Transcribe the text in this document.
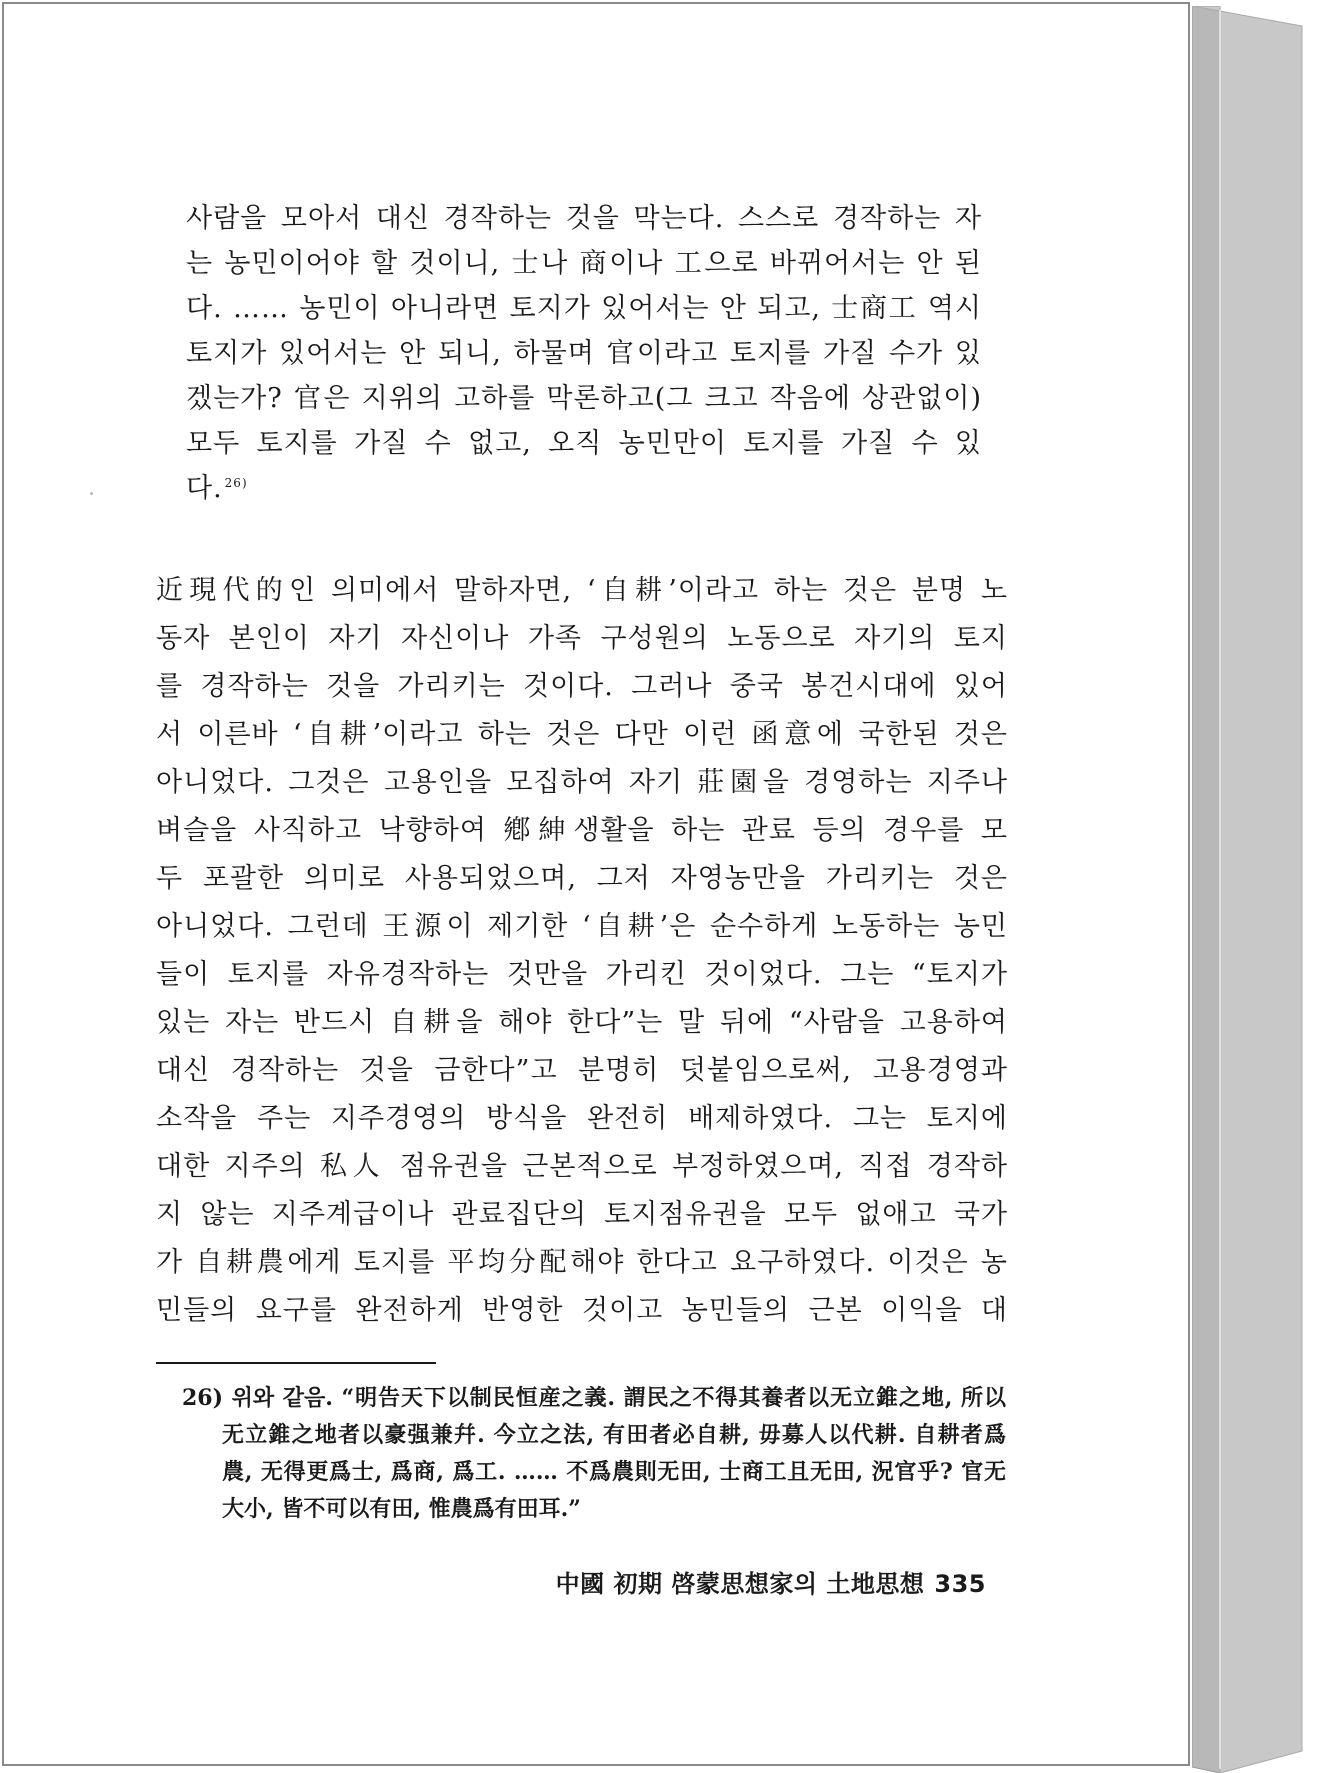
사람을 모아서 대신 경작하는 것을 막는다. 스스로 경작하는 자
는 농민이어야 할 것이니, 士나 商이나 工으로 바뀌어서는 안 된
다. …… 농민이 아니라면 토지가 있어서는 안 되고, 士商工 역시
토지가 있어서는 안 되니, 하물며 官이라고 토지를 가질 수가 있
겠는가? 官은 지위의 고하를 막론하고(그 크고 작음에 상관없이)
모두 토지를 가질 수 없고, 오직 농민만이 토지를 가질 수 있
다. $^{26)}$
近現代的인 의미에서 말하자면, ‘自耕’이라고 하는 것은 분명 노
동자 본인이 자기 자신이나 가족 구성원의 노동으로 자기의 토지
를 경작하는 것을 가리키는 것이다. 그러나 중국 봉건시대에 있어
서 이른바 ‘自耕’이라고 하는 것은 다만 이런 函意에 국한된 것은
아니었다. 그것은 고용인을 모집하여 자기 莊園을 경영하는 지주나
벼슬을 사직하고 낙향하여 鄕紳생활을 하는 관료 등의 경우를 모
두 포괄한 의미로 사용되었으며, 그저 자영농만을 가리키는 것은
아니었다. 그런데 王源이 제기한 ‘自耕’은 순수하게 노동하는 농민
들이 토지를 자유경작하는 것만을 가리킨 것이었다. 그는 “토지가
있는 자는 반드시 自耕을 해야 한다”는 말 뒤에 “사람을 고용하여
대신 경작하는 것을 금한다”고 분명히 덧붙임으로써, 고용경영과
소작을 주는 지주경영의 방식을 완전히 배제하였다. 그는 토지에
대한 지주의 私人 점유권을 근본적으로 부정하였으며, 직접 경작하
지 않는 지주계급이나 관료집단의 토지점유권을 모두 없애고 국가
가 自耕農에게 토지를 平均分配해야 한다고 요구하였다. 이것은 농
민들의 요구를 완전하게 반영한 것이고 농민들의 근본 이익을 대
26) 위와 같음. “明告天下以制民恒産之義. 謂民之不得其養者以无立錐之地, 所以
无立錐之地者以豪强兼幷. 今立之法, 有田者必自耕, 毋募人以代耕. 自耕者爲
農, 无得更爲士, 爲商, 爲工. …… 不爲農則无田, 士商工且无田, 況官乎? 官无
大小, 皆不可以有田, 惟農爲有田耳.”
中國 初期 啓蒙思想家의 土地思想 335
